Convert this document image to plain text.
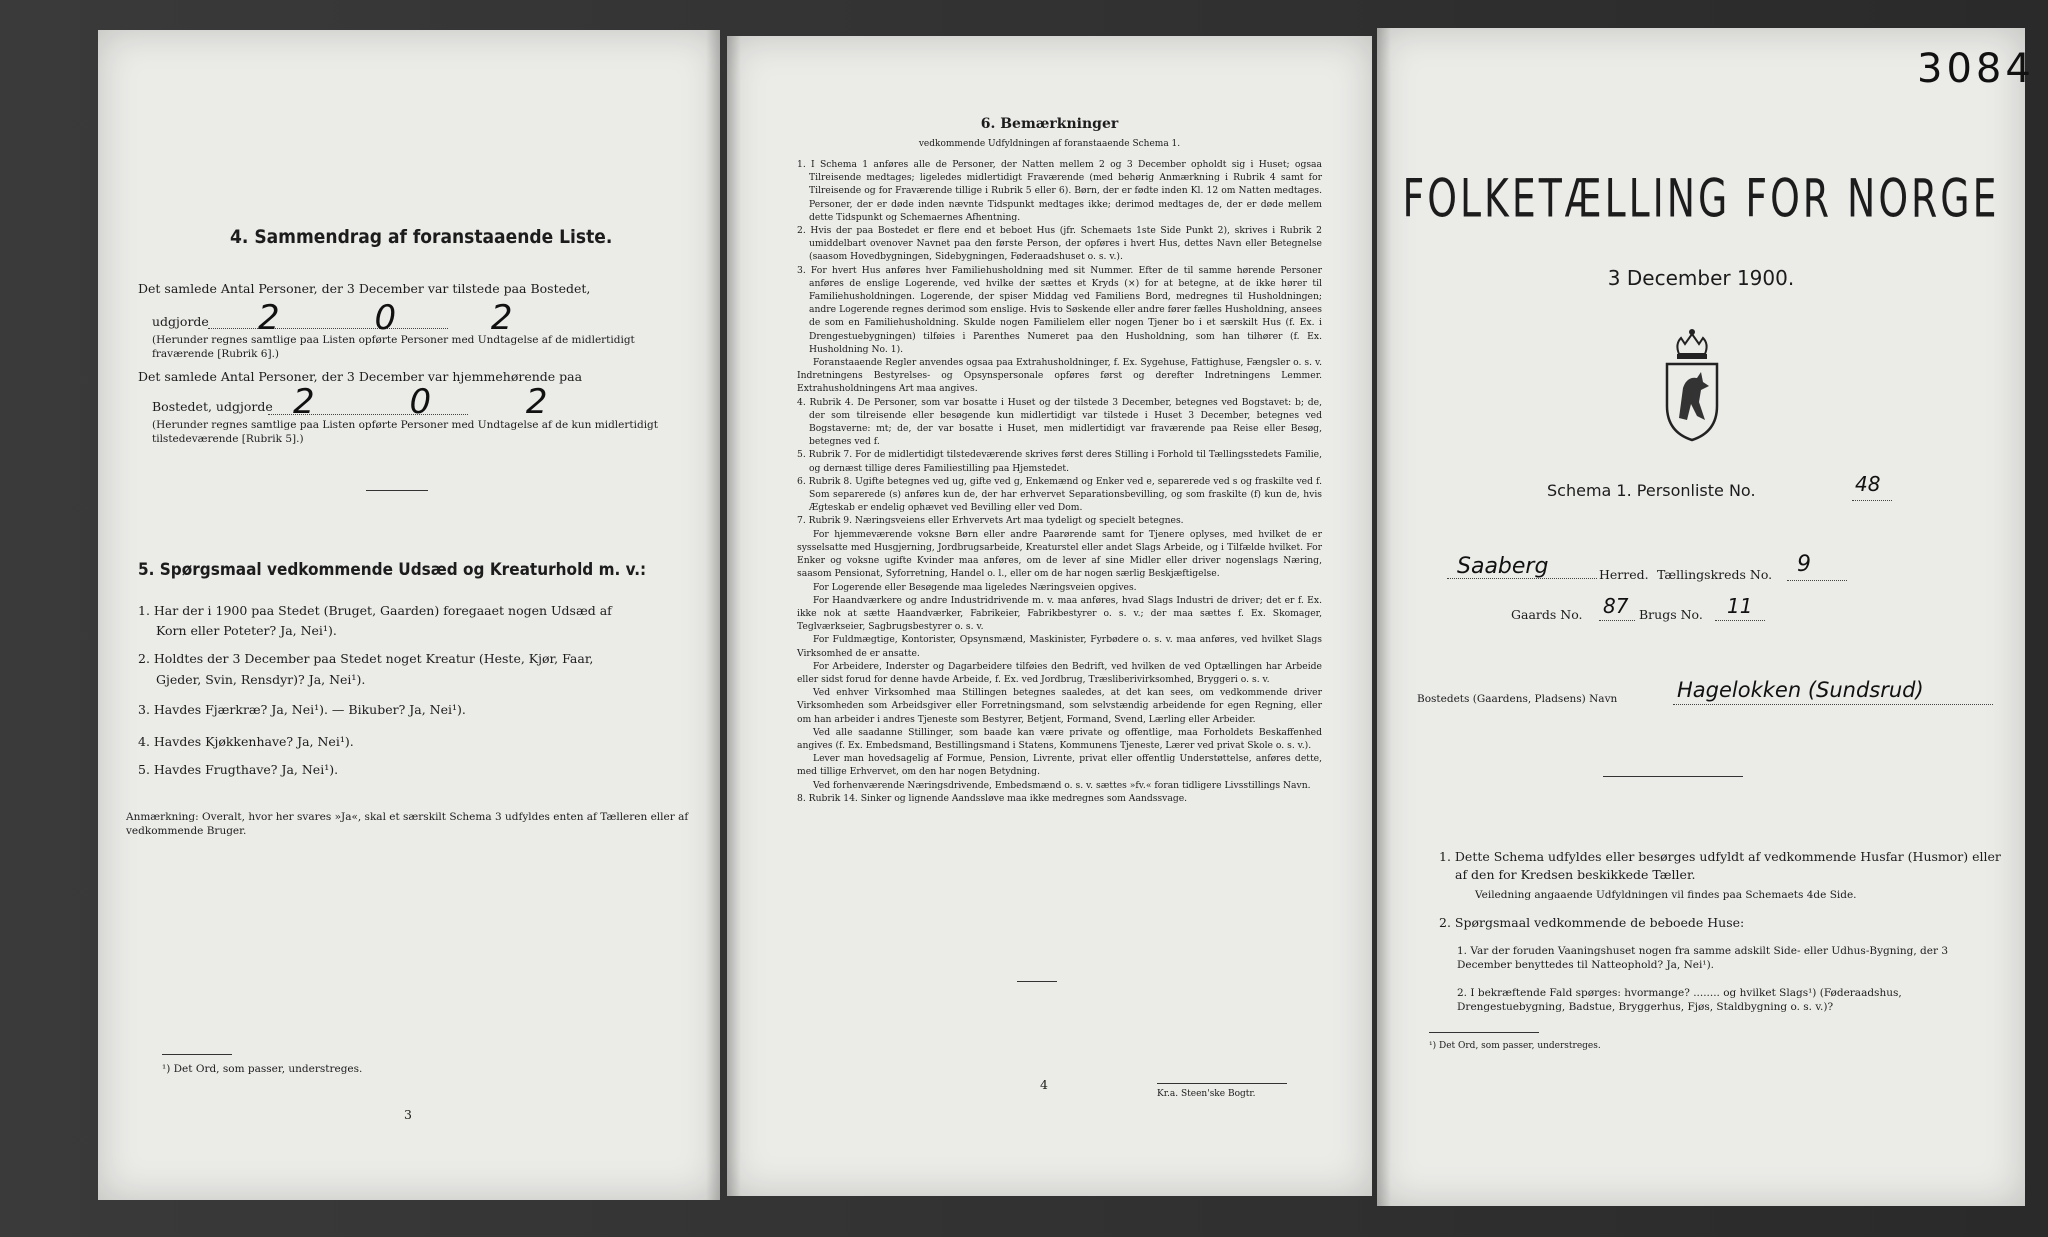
4. Sammendrag af foranstaaende Liste.
Det samlede Antal Personer, der 3 December var tilstede paa Bostedet,
udgjorde 2 0 2
(Herunder regnes samtlige paa Listen opførte Personer med Undtagelse af de midlertidigt fraværende [Rubrik 6].)
Det samlede Antal Personer, der 3 December var hjemmehørende paa
Bostedet, udgjorde 2 0 2
(Herunder regnes samtlige paa Listen opførte Personer med Undtagelse af de kun midlertidigt tilstedeværende [Rubrik 5].)
5. Spørgsmaal vedkommende Udsæd og Kreaturhold m. v.:
1. Har der i 1900 paa Stedet (Bruget, Gaarden) foregaaet nogen Udsæd af
Korn eller Poteter? Ja, Nei¹).
2. Holdtes der 3 December paa Stedet noget Kreatur (Heste, Kjør, Faar,
Gjeder, Svin, Rensdyr)? Ja, Nei¹).
3. Havdes Fjærkræ? Ja, Nei¹). — Bikuber? Ja, Nei¹).
4. Havdes Kjøkkenhave? Ja, Nei¹).
5. Havdes Frugthave? Ja, Nei¹).
Anmærkning: Overalt, hvor her svares »Ja«, skal et særskilt Schema 3 udfyldes enten af Tælleren eller af vedkommende Bruger.
¹) Det Ord, som passer, understreges.
3
6. Bemærkninger
vedkommende Udfyldningen af foranstaaende Schema 1.
1. I Schema 1 anføres alle de Personer, der Natten mellem 2 og 3 December opholdt sig i Huset; ogsaa Tilreisende medtages; ligeledes midlertidigt Fraværende (med behørig Anmærkning i Rubrik 4 samt for Tilreisende og for Fraværende tillige i Rubrik 5 eller 6). Børn, der er fødte inden Kl. 12 om Natten medtages. Personer, der er døde inden nævnte Tidspunkt medtages ikke; derimod medtages de, der er døde mellem dette Tidspunkt og Schemaernes Afhentning.
2. Hvis der paa Bostedet er flere end et beboet Hus (jfr. Schemaets 1ste Side Punkt 2), skrives i Rubrik 2 umiddelbart ovenover Navnet paa den første Person, der opføres i hvert Hus, dettes Navn eller Betegnelse (saasom Hovedbygningen, Sidebygningen, Føderaadshuset o. s. v.).
3. For hvert Hus anføres hver Familiehusholdning med sit Nummer. Efter de til samme hørende Personer anføres de enslige Logerende, ved hvilke der sættes et Kryds (×) for at betegne, at de ikke hører til Familiehusholdningen. Logerende, der spiser Middag ved Familiens Bord, medregnes til Husholdningen; andre Logerende regnes derimod som enslige. Hvis to Søskende eller andre fører fælles Husholdning, ansees de som en Familiehusholdning. Skulde nogen Familielem eller nogen Tjener bo i et særskilt Hus (f. Ex. i Drengestuebygningen) tilføies i Parenthes Numeret paa den Husholdning, som han tilhører (f. Ex. Husholdning No. 1).
Foranstaaende Regler anvendes ogsaa paa Extrahusholdninger, f. Ex. Sygehuse, Fattighuse, Fængsler o. s. v. Indretningens Bestyrelses- og Opsynspersonale opføres først og derefter Indretningens Lemmer. Extrahusholdningens Art maa angives.
4. Rubrik 4. De Personer, som var bosatte i Huset og der tilstede 3 December, betegnes ved Bogstavet: b; de, der som tilreisende eller besøgende kun midlertidigt var tilstede i Huset 3 December, betegnes ved Bogstaverne: mt; de, der var bosatte i Huset, men midlertidigt var fraværende paa Reise eller Besøg, betegnes ved f.
5. Rubrik 7. For de midlertidigt tilstedeværende skrives først deres Stilling i Forhold til Tællingsstedets Familie, og dernæst tillige deres Familiestilling paa Hjemstedet.
6. Rubrik 8. Ugifte betegnes ved ug, gifte ved g, Enkemænd og Enker ved e, separerede ved s og fraskilte ved f. Som separerede (s) anføres kun de, der har erhvervet Separationsbevilling, og som fraskilte (f) kun de, hvis Ægteskab er endelig ophævet ved Bevilling eller ved Dom.
7. Rubrik 9. Næringsveiens eller Erhvervets Art maa tydeligt og specielt betegnes.
For hjemmeværende voksne Børn eller andre Paarørende samt for Tjenere oplyses, med hvilket de er sysselsatte med Husgjerning, Jordbrugsarbeide, Kreaturstel eller andet Slags Arbeide, og i Tilfælde hvilket. For Enker og voksne ugifte Kvinder maa anføres, om de lever af sine Midler eller driver nogenslags Næring, saasom Pensionat, Syforretning, Handel o. l., eller om de har nogen særlig Beskjæftigelse.
For Logerende eller Besøgende maa ligeledes Næringsveien opgives.
For Haandværkere og andre Industridrivende m. v. maa anføres, hvad Slags Industri de driver; det er f. Ex. ikke nok at sætte Haandværker, Fabrikeier, Fabrikbestyrer o. s. v.; der maa sættes f. Ex. Skomager, Teglværkseier, Sagbrugsbestyrer o. s. v.
For Fuldmægtige, Kontorister, Opsynsmænd, Maskinister, Fyrbødere o. s. v. maa anføres, ved hvilket Slags Virksomhed de er ansatte.
For Arbeidere, Inderster og Dagarbeidere tilføies den Bedrift, ved hvilken de ved Optællingen har Arbeide eller sidst forud for denne havde Arbeide, f. Ex. ved Jordbrug, Træsliberivirksomhed, Bryggeri o. s. v.
Ved enhver Virksomhed maa Stillingen betegnes saaledes, at det kan sees, om vedkommende driver Virksomheden som Arbeidsgiver eller Forretningsmand, som selvstændig arbeidende for egen Regning, eller om han arbeider i andres Tjeneste som Bestyrer, Betjent, Formand, Svend, Lærling eller Arbeider.
Ved alle saadanne Stillinger, som baade kan være private og offentlige, maa Forholdets Beskaffenhed angives (f. Ex. Embedsmand, Bestillingsmand i Statens, Kommunens Tjeneste, Lærer ved privat Skole o. s. v.).
Lever man hovedsagelig af Formue, Pension, Livrente, privat eller offentlig Understøttelse, anføres dette, med tillige Erhvervet, om den har nogen Betydning.
Ved forhenværende Næringsdrivende, Embedsmænd o. s. v. sættes »fv.« foran tidligere Livsstillings Navn.
8. Rubrik 14. Sinker og lignende Aandssløve maa ikke medregnes som Aandssvage.
4
Kr.a. Steen'ske Bogtr.
3084
FOLKETÆLLING FOR NORGE
3 December 1900.
Schema 1. Personliste No.	48
Saaberg	Herred. Tællingskreds No. 9
Gaards No. 87 Brugs No. 11
Bostedets (Gaardens, Pladsens) Navn	Hagelokken (Sundsrud)
1. Dette Schema udfyldes eller besørges udfyldt af vedkommende Husfar (Husmor) eller af den for Kredsen beskikkede Tæller.
Veiledning angaaende Udfyldningen vil findes paa Schemaets 4de Side.
2. Spørgsmaal vedkommende de beboede Huse:
1. Var der foruden Vaaningshuset nogen fra samme adskilt Side- eller Udhus-Bygning, der 3 December benyttedes til Natteophold? Ja, Nei¹).
2. I bekræftende Fald spørges: hvormange? ........ og hvilket Slags¹) (Føderaadshus, Drengestuebygning, Badstue, Bryggerhus, Fjøs, Staldbygning o. s. v.)?
¹) Det Ord, som passer, understreges.
